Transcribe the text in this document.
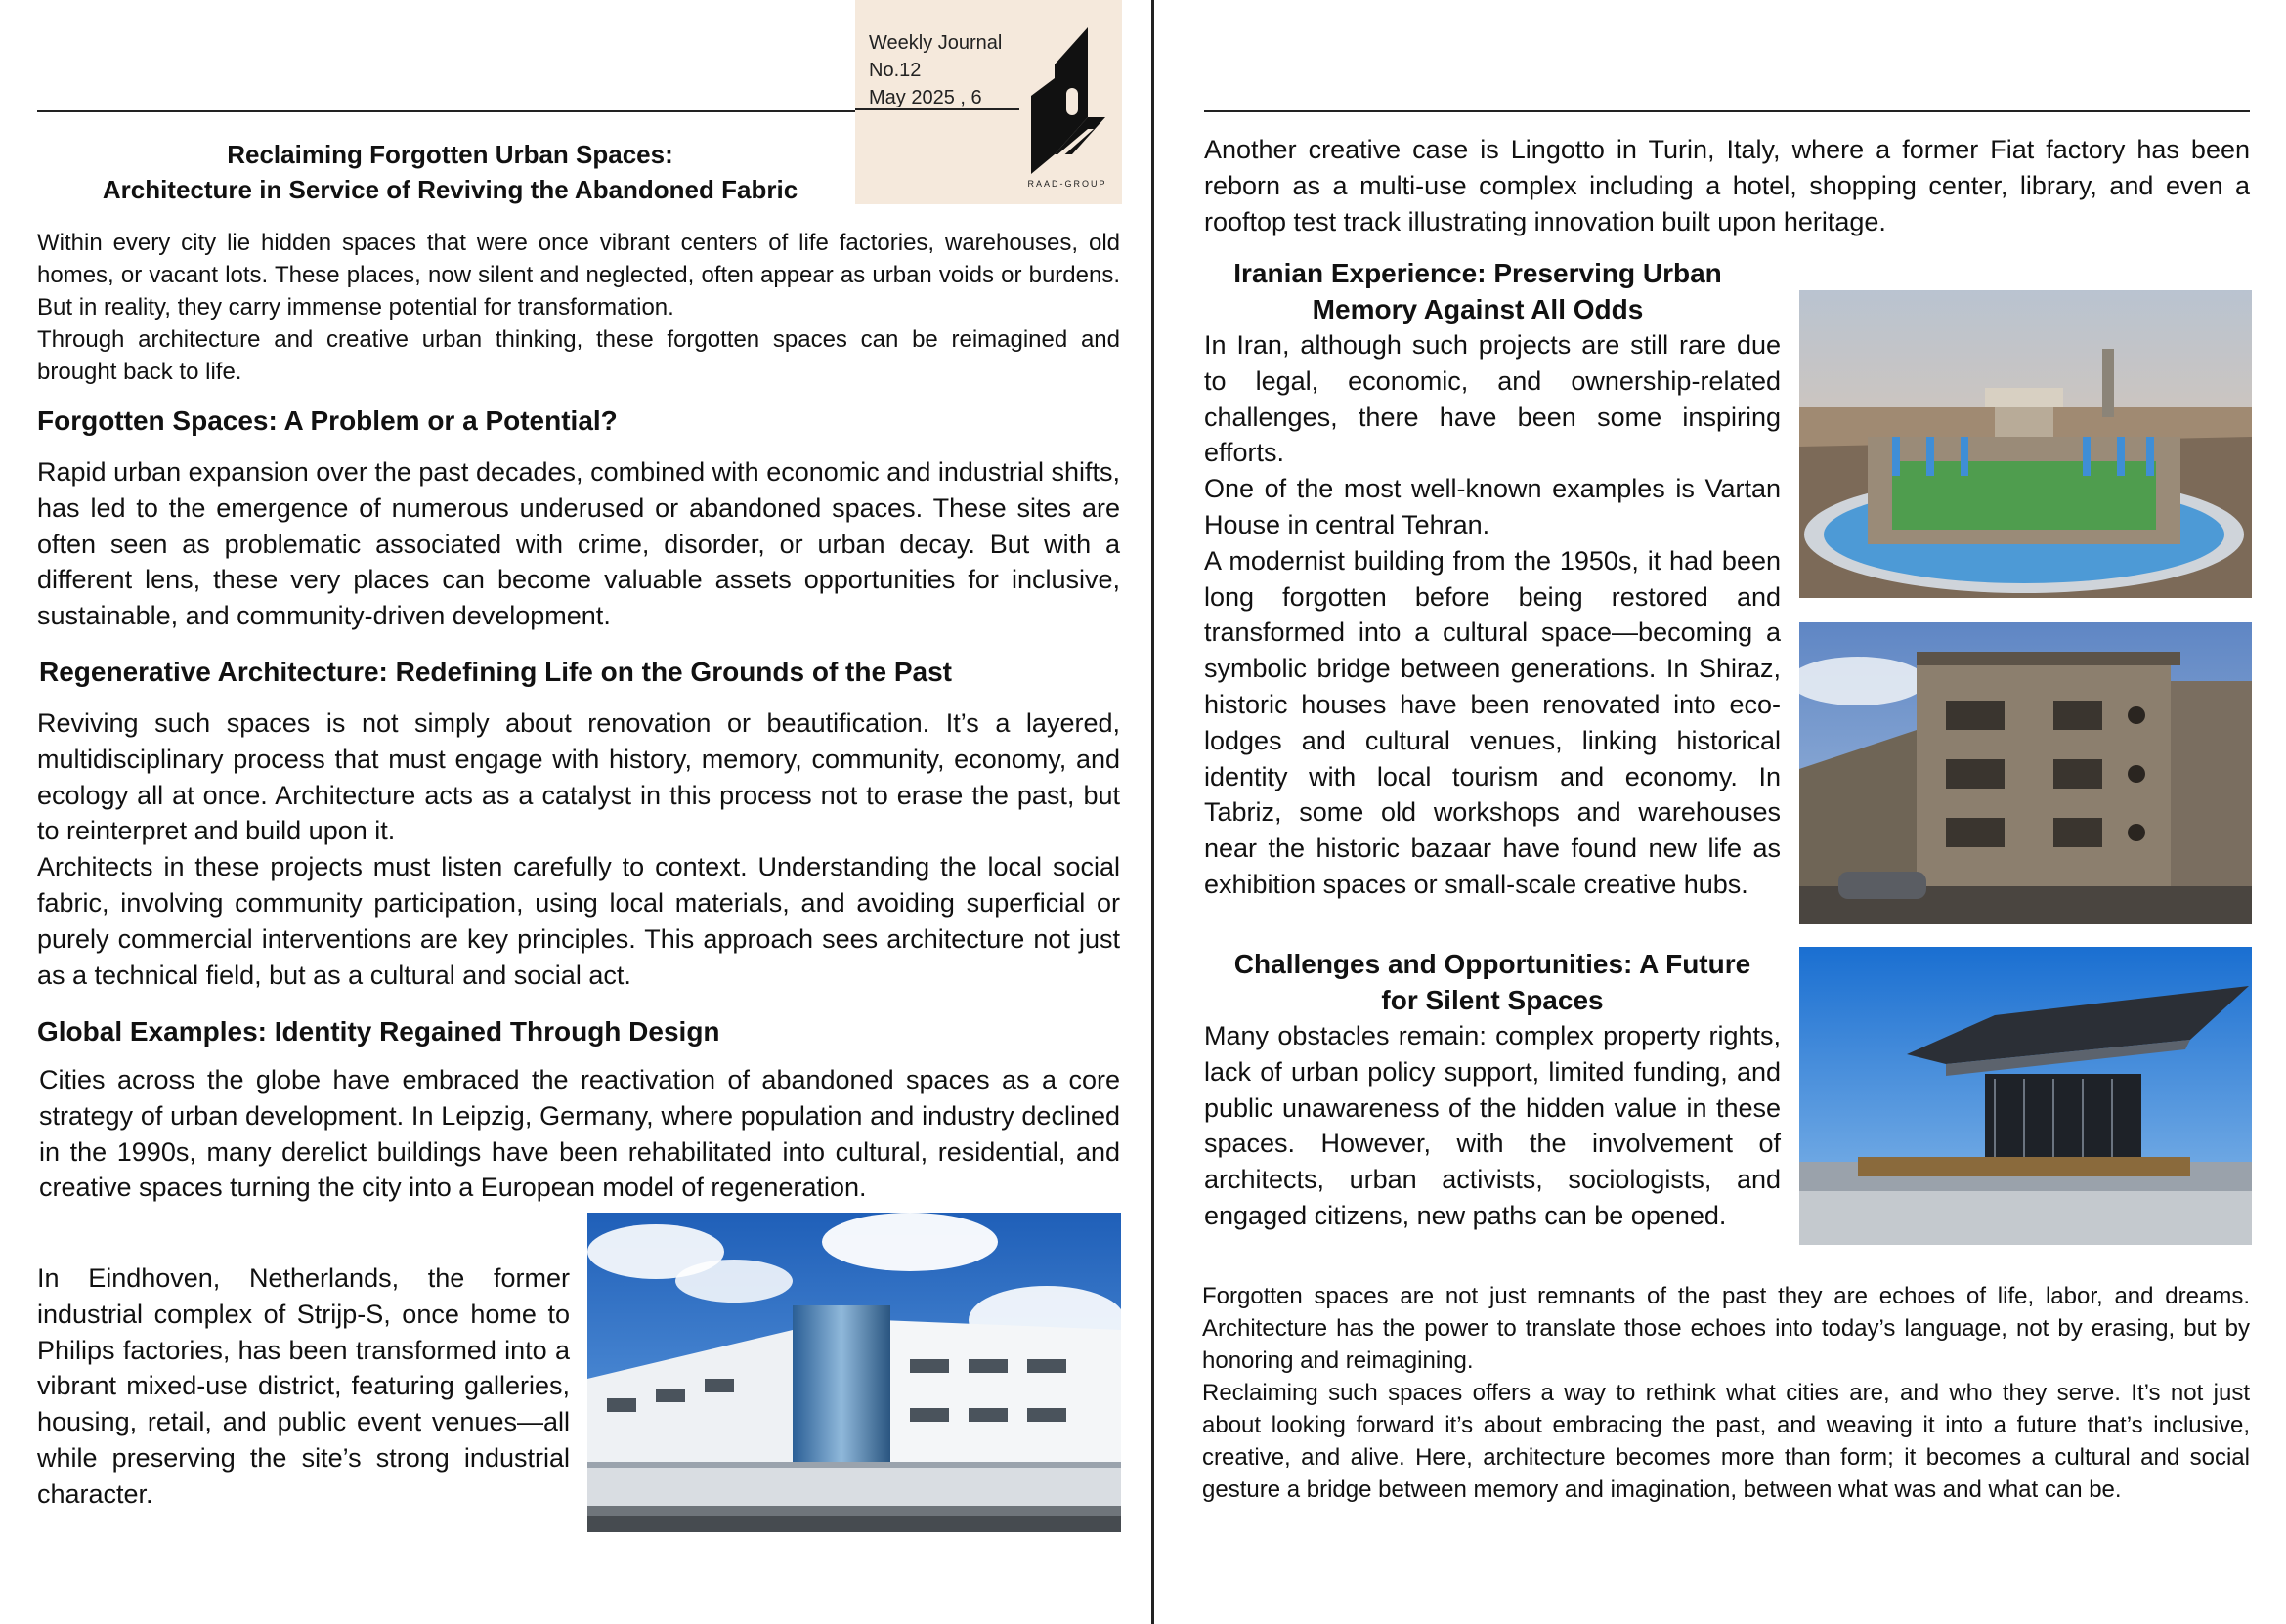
Weekly Journal
No.12
May 2025 , 6
RAAD-GROUP
Reclaiming Forgotten Urban Spaces:
Architecture in Service of Reviving the Abandoned Fabric

Within every city lie hidden spaces that were once vibrant centers of life factories, warehouses, old homes, or vacant lots. These places, now silent and neglected, often appear as urban voids or burdens. But in reality, they carry immense potential for transformation.

Through architecture and creative urban thinking, these forgotten spaces can be reimagined and brought back to life.

Forgotten Spaces: A Problem or a Potential?

Rapid urban expansion over the past decades, combined with economic and industrial shifts, has led to the emergence of numerous underused or abandoned spaces. These sites are often seen as problematic associated with crime, disorder, or urban decay. But with a different lens, these very places can become valuable assets opportunities for inclusive, sustainable, and community-driven development.

Regenerative Architecture: Redefining Life on the Grounds of the Past

Reviving such spaces is not simply about renovation or beautification. It’s a layered, multidisciplinary process that must engage with history, memory, community, economy, and ecology all at once. Architecture acts as a catalyst in this process not to erase the past, but to reinterpret and build upon it.

Architects in these projects must listen carefully to context. Understanding the local social fabric, involving community participation, using local materials, and avoiding superficial or purely commercial interventions are key principles. This approach sees architecture not just as a technical field, but as a cultural and social act.

Global Examples: Identity Regained Through Design
Cities across the globe have embraced the reactivation of abandoned spaces as a core strategy of urban development. In Leipzig, Germany, where population and industry declined in the 1990s, many derelict buildings have been rehabilitated into cultural, residential, and creative spaces turning the city into a European model of regeneration.
In Eindhoven, Netherlands, the former industrial complex of Strijp-S, once home to Philips factories, has been transformed into a vibrant mixed-use district, featuring galleries, housing, retail, and public event venues—all while preserving the site’s strong industrial character.
Another creative case is Lingotto in Turin, Italy, where a former Fiat factory has been reborn as a multi-use complex including a hotel, shopping center, library, and even a rooftop test track illustrating innovation built upon heritage.
Iranian Experience: Preserving Urban
Memory Against All Odds

In Iran, although such projects are still rare due to legal, economic, and ownership-related challenges, there have been some inspiring efforts.

One of the most well-known examples is Vartan House in central Tehran.

A modernist building from the 1950s, it had been long forgotten before being restored and transformed into a cultural space—becoming a symbolic bridge between generations. In Shiraz, historic houses have been renovated into eco-lodges and cultural venues, linking historical identity with local tourism and economy. In Tabriz, some old workshops and warehouses near the historic bazaar have found new life as exhibition spaces or small-scale creative hubs.

Challenges and Opportunities: A Future
for Silent Spaces
Many obstacles remain: complex property rights, lack of urban policy support, limited funding, and public unawareness of the hidden value in these spaces. However, with the involvement of architects, urban activists, sociologists, and engaged citizens, new paths can be opened.

Forgotten spaces are not just remnants of the past they are echoes of life, labor, and dreams. Architecture has the power to translate those echoes into today’s language, not by erasing, but by honoring and reimagining.

Reclaiming such spaces offers a way to rethink what cities are, and who they serve. It’s not just about looking forward it’s about embracing the past, and weaving it into a future that’s inclusive, creative, and alive. Here, architecture becomes more than form; it becomes a cultural and social gesture a bridge between memory and imagination, between what was and what can be.
